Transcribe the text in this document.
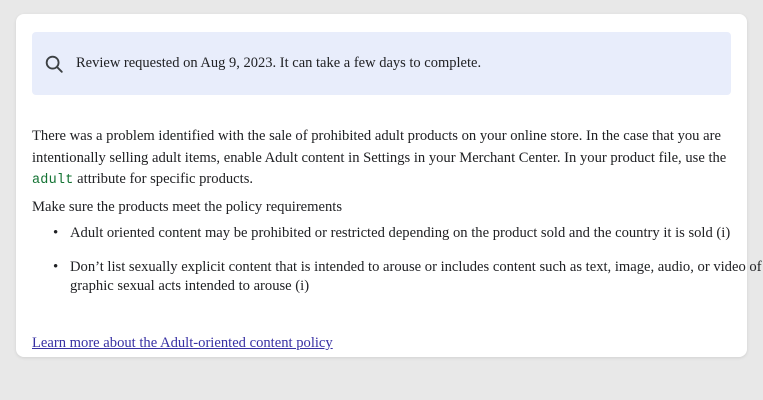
Review requested on Aug 9, 2023. It can take a few days to complete.
There was a problem identified with the sale of prohibited adult products on your online store. In the case that you are intentionally selling adult items, enable Adult content in Settings in your Merchant Center. In your product file, use the adult attribute for specific products.
Make sure the products meet the policy requirements
• Adult oriented content may be prohibited or restricted depending on the product sold and the country it is sold (i)
• Don’t list sexually explicit content that is intended to arouse or includes content such as text, image, audio, or video of graphic sexual acts intended to arouse (i)
Learn more about the Adult-oriented content policy
